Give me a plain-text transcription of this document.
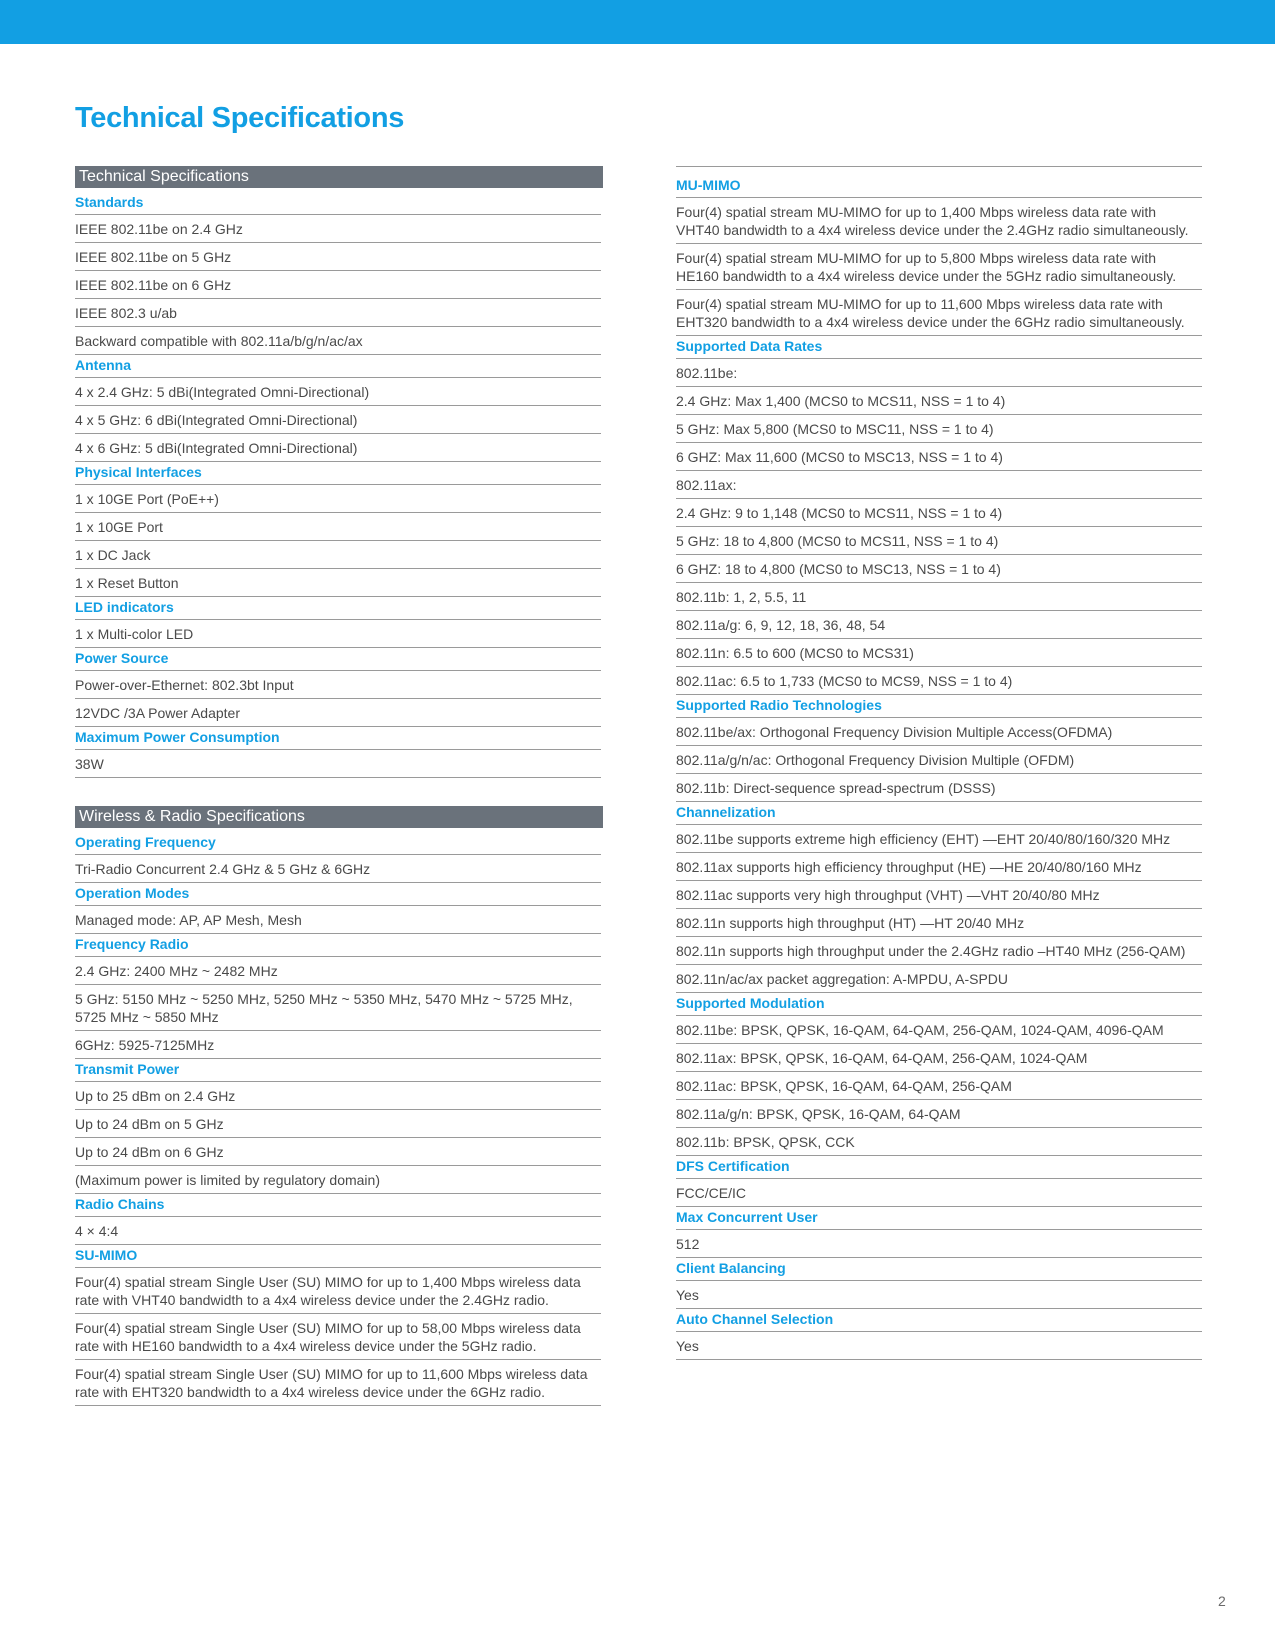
Technical Specifications
Technical Specifications
Standards
IEEE 802.11be on 2.4 GHz
IEEE 802.11be on 5 GHz
IEEE 802.11be on 6 GHz
IEEE 802.3 u/ab
Backward compatible with 802.11a/b/g/n/ac/ax
Antenna
4 x 2.4 GHz: 5 dBi(Integrated Omni-Directional)
4 x 5 GHz: 6 dBi(Integrated Omni-Directional)
4 x 6 GHz: 5 dBi(Integrated Omni-Directional)
Physical Interfaces
1 x 10GE Port (PoE++)
1 x 10GE Port
1 x DC Jack
1 x Reset Button
LED indicators
1 x Multi-color LED
Power Source
Power-over-Ethernet: 802.3bt Input
12VDC /3A Power Adapter
Maximum Power Consumption
38W
Wireless & Radio Specifications
Operating Frequency
Tri-Radio Concurrent 2.4 GHz & 5 GHz & 6GHz
Operation Modes
Managed mode: AP, AP Mesh, Mesh
Frequency Radio
2.4 GHz: 2400 MHz ~ 2482 MHz
5 GHz: 5150 MHz ~ 5250 MHz, 5250 MHz ~ 5350 MHz, 5470 MHz ~ 5725 MHz, 5725 MHz ~ 5850 MHz
6GHz: 5925-7125MHz
Transmit Power
Up to 25 dBm on 2.4 GHz
Up to 24 dBm on 5 GHz
Up to 24 dBm on 6 GHz
(Maximum power is limited by regulatory domain)
Radio Chains
4 × 4:4
SU-MIMO
Four(4) spatial stream Single User (SU) MIMO for up to 1,400 Mbps wireless data rate with VHT40 bandwidth to a 4x4 wireless device under the 2.4GHz radio.
Four(4) spatial stream Single User (SU) MIMO for up to 58,00 Mbps wireless data rate with HE160 bandwidth to a 4x4 wireless device under the 5GHz radio.
Four(4) spatial stream Single User (SU) MIMO for up to 11,600 Mbps wireless data rate with EHT320 bandwidth to a 4x4 wireless device under the 6GHz radio.
MU-MIMO
Four(4) spatial stream MU-MIMO for up to 1,400 Mbps wireless data rate with VHT40 bandwidth to a 4x4 wireless device under the 2.4GHz radio simultaneously.
Four(4) spatial stream MU-MIMO for up to 5,800 Mbps wireless data rate with HE160 bandwidth to a 4x4 wireless device under the 5GHz radio simultaneously.
Four(4) spatial stream MU-MIMO for up to 11,600 Mbps wireless data rate with EHT320 bandwidth to a 4x4 wireless device under the 6GHz radio simultaneously.
Supported Data Rates
802.11be:
2.4 GHz: Max 1,400 (MCS0 to MCS11, NSS = 1 to 4)
5 GHz: Max 5,800 (MCS0 to MSC11, NSS = 1 to 4)
6 GHZ: Max 11,600 (MCS0 to MSC13, NSS = 1 to 4)
802.11ax:
2.4 GHz: 9 to 1,148 (MCS0 to MCS11, NSS = 1 to 4)
5 GHz: 18 to 4,800 (MCS0 to MCS11, NSS = 1 to 4)
6 GHZ: 18 to 4,800 (MCS0 to MSC13, NSS = 1 to 4)
802.11b: 1, 2, 5.5, 11
802.11a/g: 6, 9, 12, 18, 36, 48, 54
802.11n: 6.5 to 600 (MCS0 to MCS31)
802.11ac: 6.5 to 1,733 (MCS0 to MCS9, NSS = 1 to 4)
Supported Radio Technologies
802.11be/ax: Orthogonal Frequency Division Multiple Access(OFDMA)
802.11a/g/n/ac: Orthogonal Frequency Division Multiple (OFDM)
802.11b: Direct-sequence spread-spectrum (DSSS)
Channelization
802.11be supports extreme high efficiency (EHT) —EHT 20/40/80/160/320 MHz
802.11ax supports high efficiency throughput (HE) —HE 20/40/80/160 MHz
802.11ac supports very high throughput (VHT) —VHT 20/40/80 MHz
802.11n supports high throughput (HT) —HT 20/40 MHz
802.11n supports high throughput under the 2.4GHz radio –HT40 MHz (256-QAM)
802.11n/ac/ax packet aggregation: A-MPDU, A-SPDU
Supported Modulation
802.11be: BPSK, QPSK, 16-QAM, 64-QAM, 256-QAM, 1024-QAM, 4096-QAM
802.11ax: BPSK, QPSK, 16-QAM, 64-QAM, 256-QAM, 1024-QAM
802.11ac: BPSK, QPSK, 16-QAM, 64-QAM, 256-QAM
802.11a/g/n: BPSK, QPSK, 16-QAM, 64-QAM
802.11b: BPSK, QPSK, CCK
DFS Certification
FCC/CE/IC
Max Concurrent User
512
Client Balancing
Yes
Auto Channel Selection
Yes
2
